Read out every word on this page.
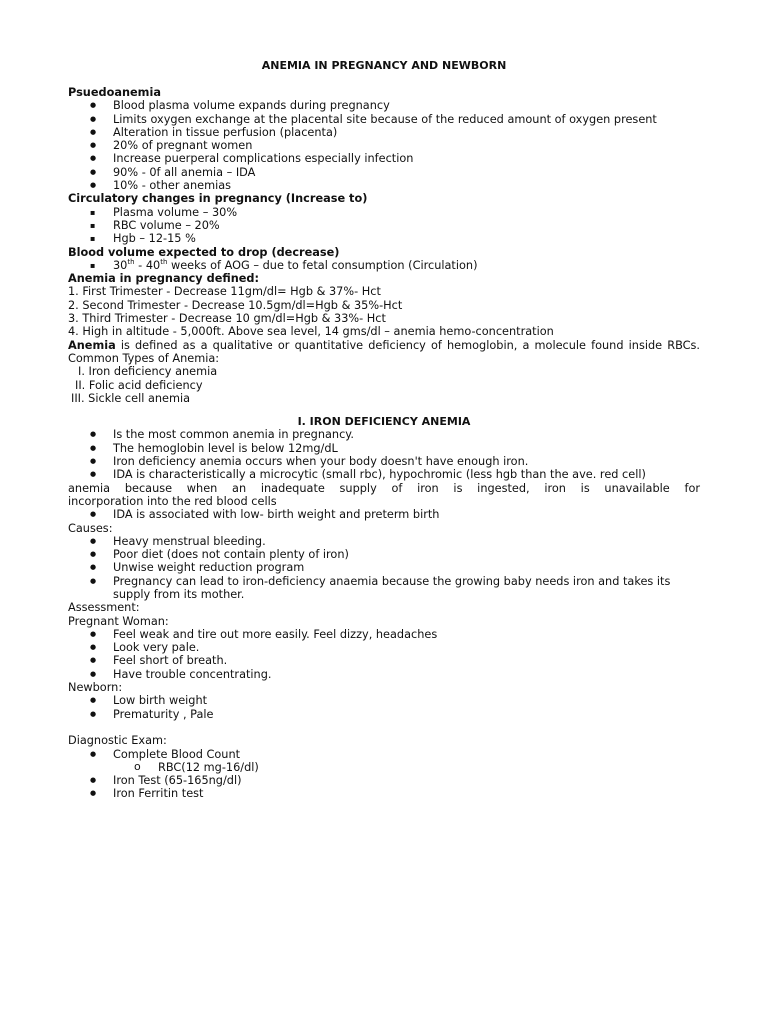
ANEMIA IN PREGNANCY AND NEWBORN
Psuedoanemia
● Blood plasma volume expands during pregnancy
● Limits oxygen exchange at the placental site because of the reduced amount of oxygen present
● Alteration in tissue perfusion (placenta)
● 20% of pregnant women
● Increase puerperal complications especially infection
● 90% - 0f all anemia – IDA
● 10% - other anemias
Circulatory changes in pregnancy (Increase to)
▪ Plasma volume – 30%
▪ RBC volume – 20%
▪ Hgb – 12-15 %
Blood volume expected to drop (decrease)
▪ 30th - 40th weeks of AOG – due to fetal consumption (Circulation)
Anemia in pregnancy defined:
1. First Trimester - Decrease 11gm/dl= Hgb & 37%- Hct
2. Second Trimester - Decrease 10.5gm/dl=Hgb & 35%-Hct
3. Third Trimester - Decrease 10 gm/dl=Hgb & 33%- Hct
4. High in altitude - 5,000ft. Above sea level, 14 gms/dl – anemia hemo-concentration
Anemia is defined as a qualitative or quantitative deficiency of hemoglobin, a molecule found inside RBCs.
Common Types of Anemia:
I. Iron deficiency anemia
II. Folic acid deficiency
III. Sickle cell anemia
I. IRON DEFICIENCY ANEMIA
● Is the most common anemia in pregnancy.
● The hemoglobin level is below 12mg/dL
● Iron deficiency anemia occurs when your body doesn't have enough iron.
● IDA is characteristically a microcytic (small rbc), hypochromic (less hgb than the ave. red cell)
anemia because when an inadequate supply of iron is ingested, iron is unavailable for
incorporation into the red blood cells
● IDA is associated with low- birth weight and preterm birth
Causes:
● Heavy menstrual bleeding.
● Poor diet (does not contain plenty of iron)
● Unwise weight reduction program
● Pregnancy can lead to iron-deficiency anaemia because the growing baby needs iron and takes its supply from its mother.
Assessment:
Pregnant Woman:
● Feel weak and tire out more easily. Feel dizzy, headaches
● Look very pale.
● Feel short of breath.
● Have trouble concentrating.
Newborn:
● Low birth weight
● Prematurity , Pale
Diagnostic Exam:
● Complete Blood Count
o RBC(12 mg-16/dl)
● Iron Test (65-165ng/dl)
● Iron Ferritin test
